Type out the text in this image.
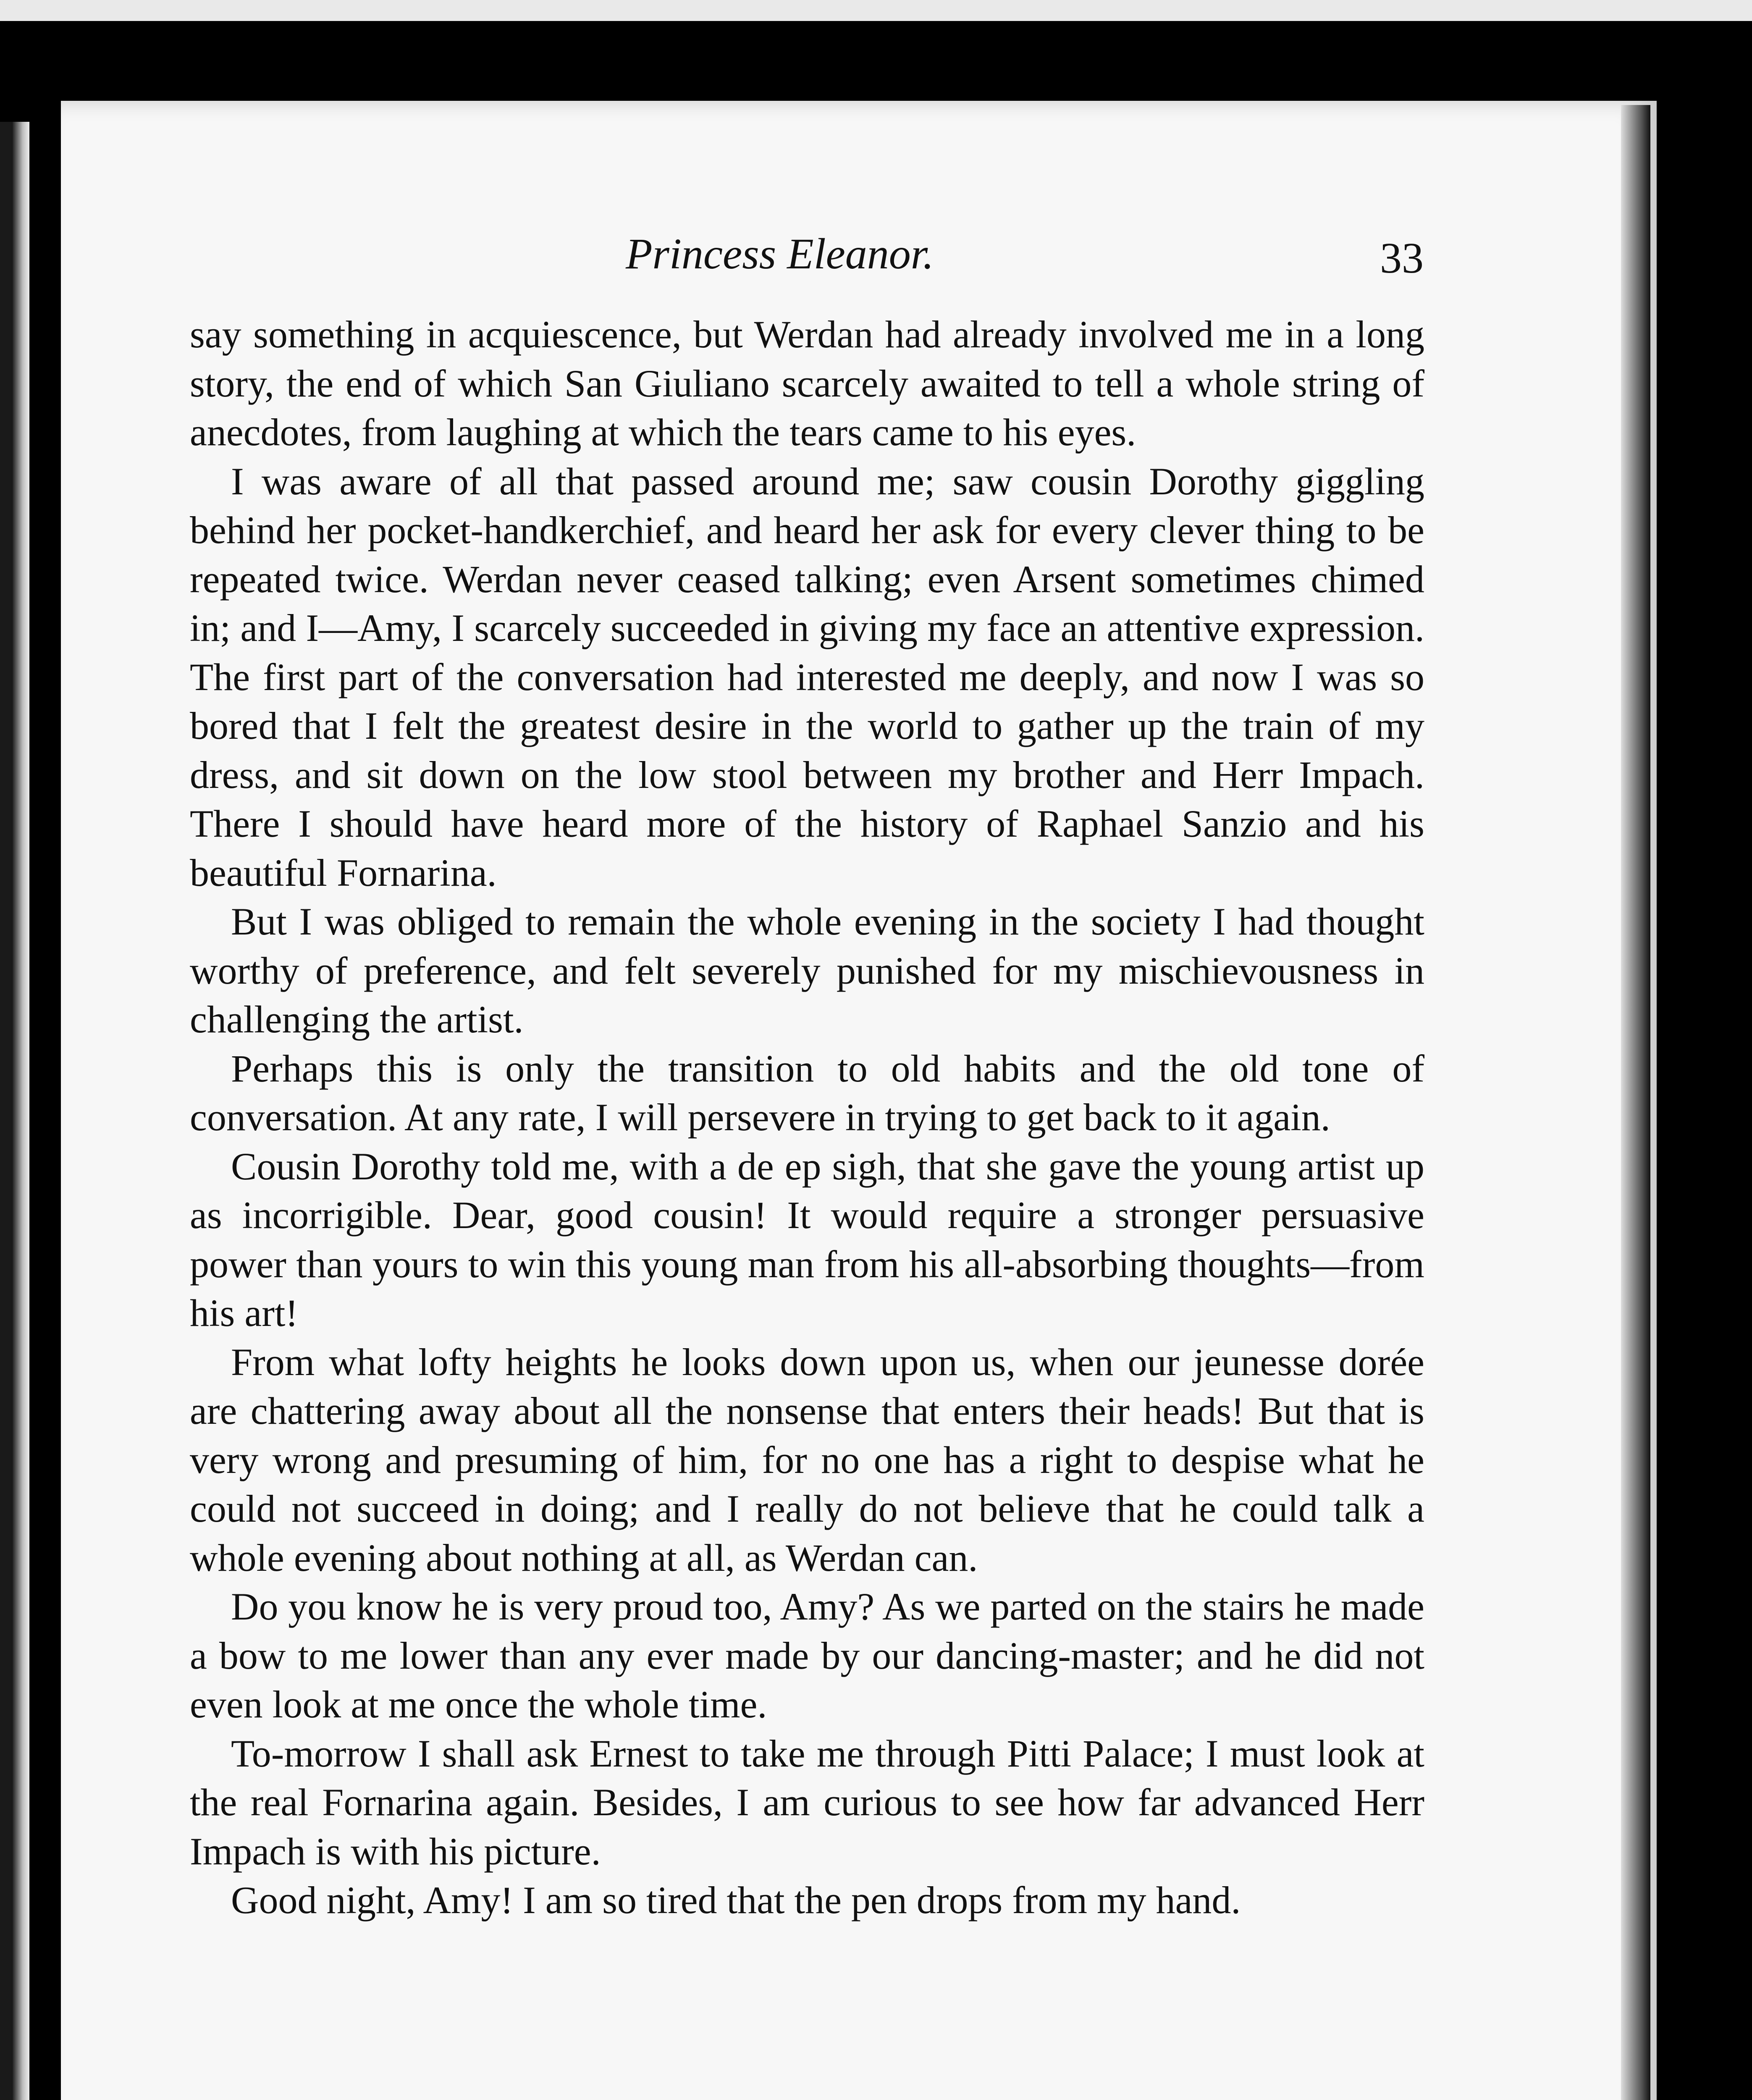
Princess Eleanor.	33

say something in acquiescence, but Werdan had already involved me in a long story, the end of which San Giuliano scarcely awaited to tell a whole string of anecdotes, from laughing at which the tears came to his eyes.

I was aware of all that passed around me; saw cousin Dorothy giggling behind her pocket-handkerchief, and heard her ask for every clever thing to be repeated twice. Werdan never ceased talking; even Arsent sometimes chimed in; and I—Amy, I scarcely succeeded in giving my face an attentive expression. The first part of the conversation had interested me deeply, and now I was so bored that I felt the greatest desire in the world to gather up the train of my dress, and sit down on the low stool between my brother and Herr Impach. There I should have heard more of the history of Raphael Sanzio and his beautiful Fornarina.

But I was obliged to remain the whole evening in the society I had thought worthy of preference, and felt severely punished for my mischievousness in challenging the artist.

Perhaps this is only the transition to old habits and the old tone of conversation. At any rate, I will persevere in trying to get back to it again.

Cousin Dorothy told me, with a de ep sigh, that she gave the young artist up as incorrigible. Dear, good cousin! It would require a stronger persuasive power than yours to win this young man from his all-absorbing thoughts—from his art!

From what lofty heights he looks down upon us, when our jeunesse dorée are chattering away about all the nonsense that enters their heads! But that is very wrong and presuming of him, for no one has a right to despise what he could not succeed in doing; and I really do not believe that he could talk a whole evening about nothing at all, as Werdan can.

Do you know he is very proud too, Amy? As we parted on the stairs he made a bow to me lower than any ever made by our dancing-master; and he did not even look at me once the whole time.

To-morrow I shall ask Ernest to take me through Pitti Palace; I must look at the real Fornarina again. Besides, I am curious to see how far advanced Herr Impach is with his picture.

Good night, Amy! I am so tired that the pen drops from my hand.
